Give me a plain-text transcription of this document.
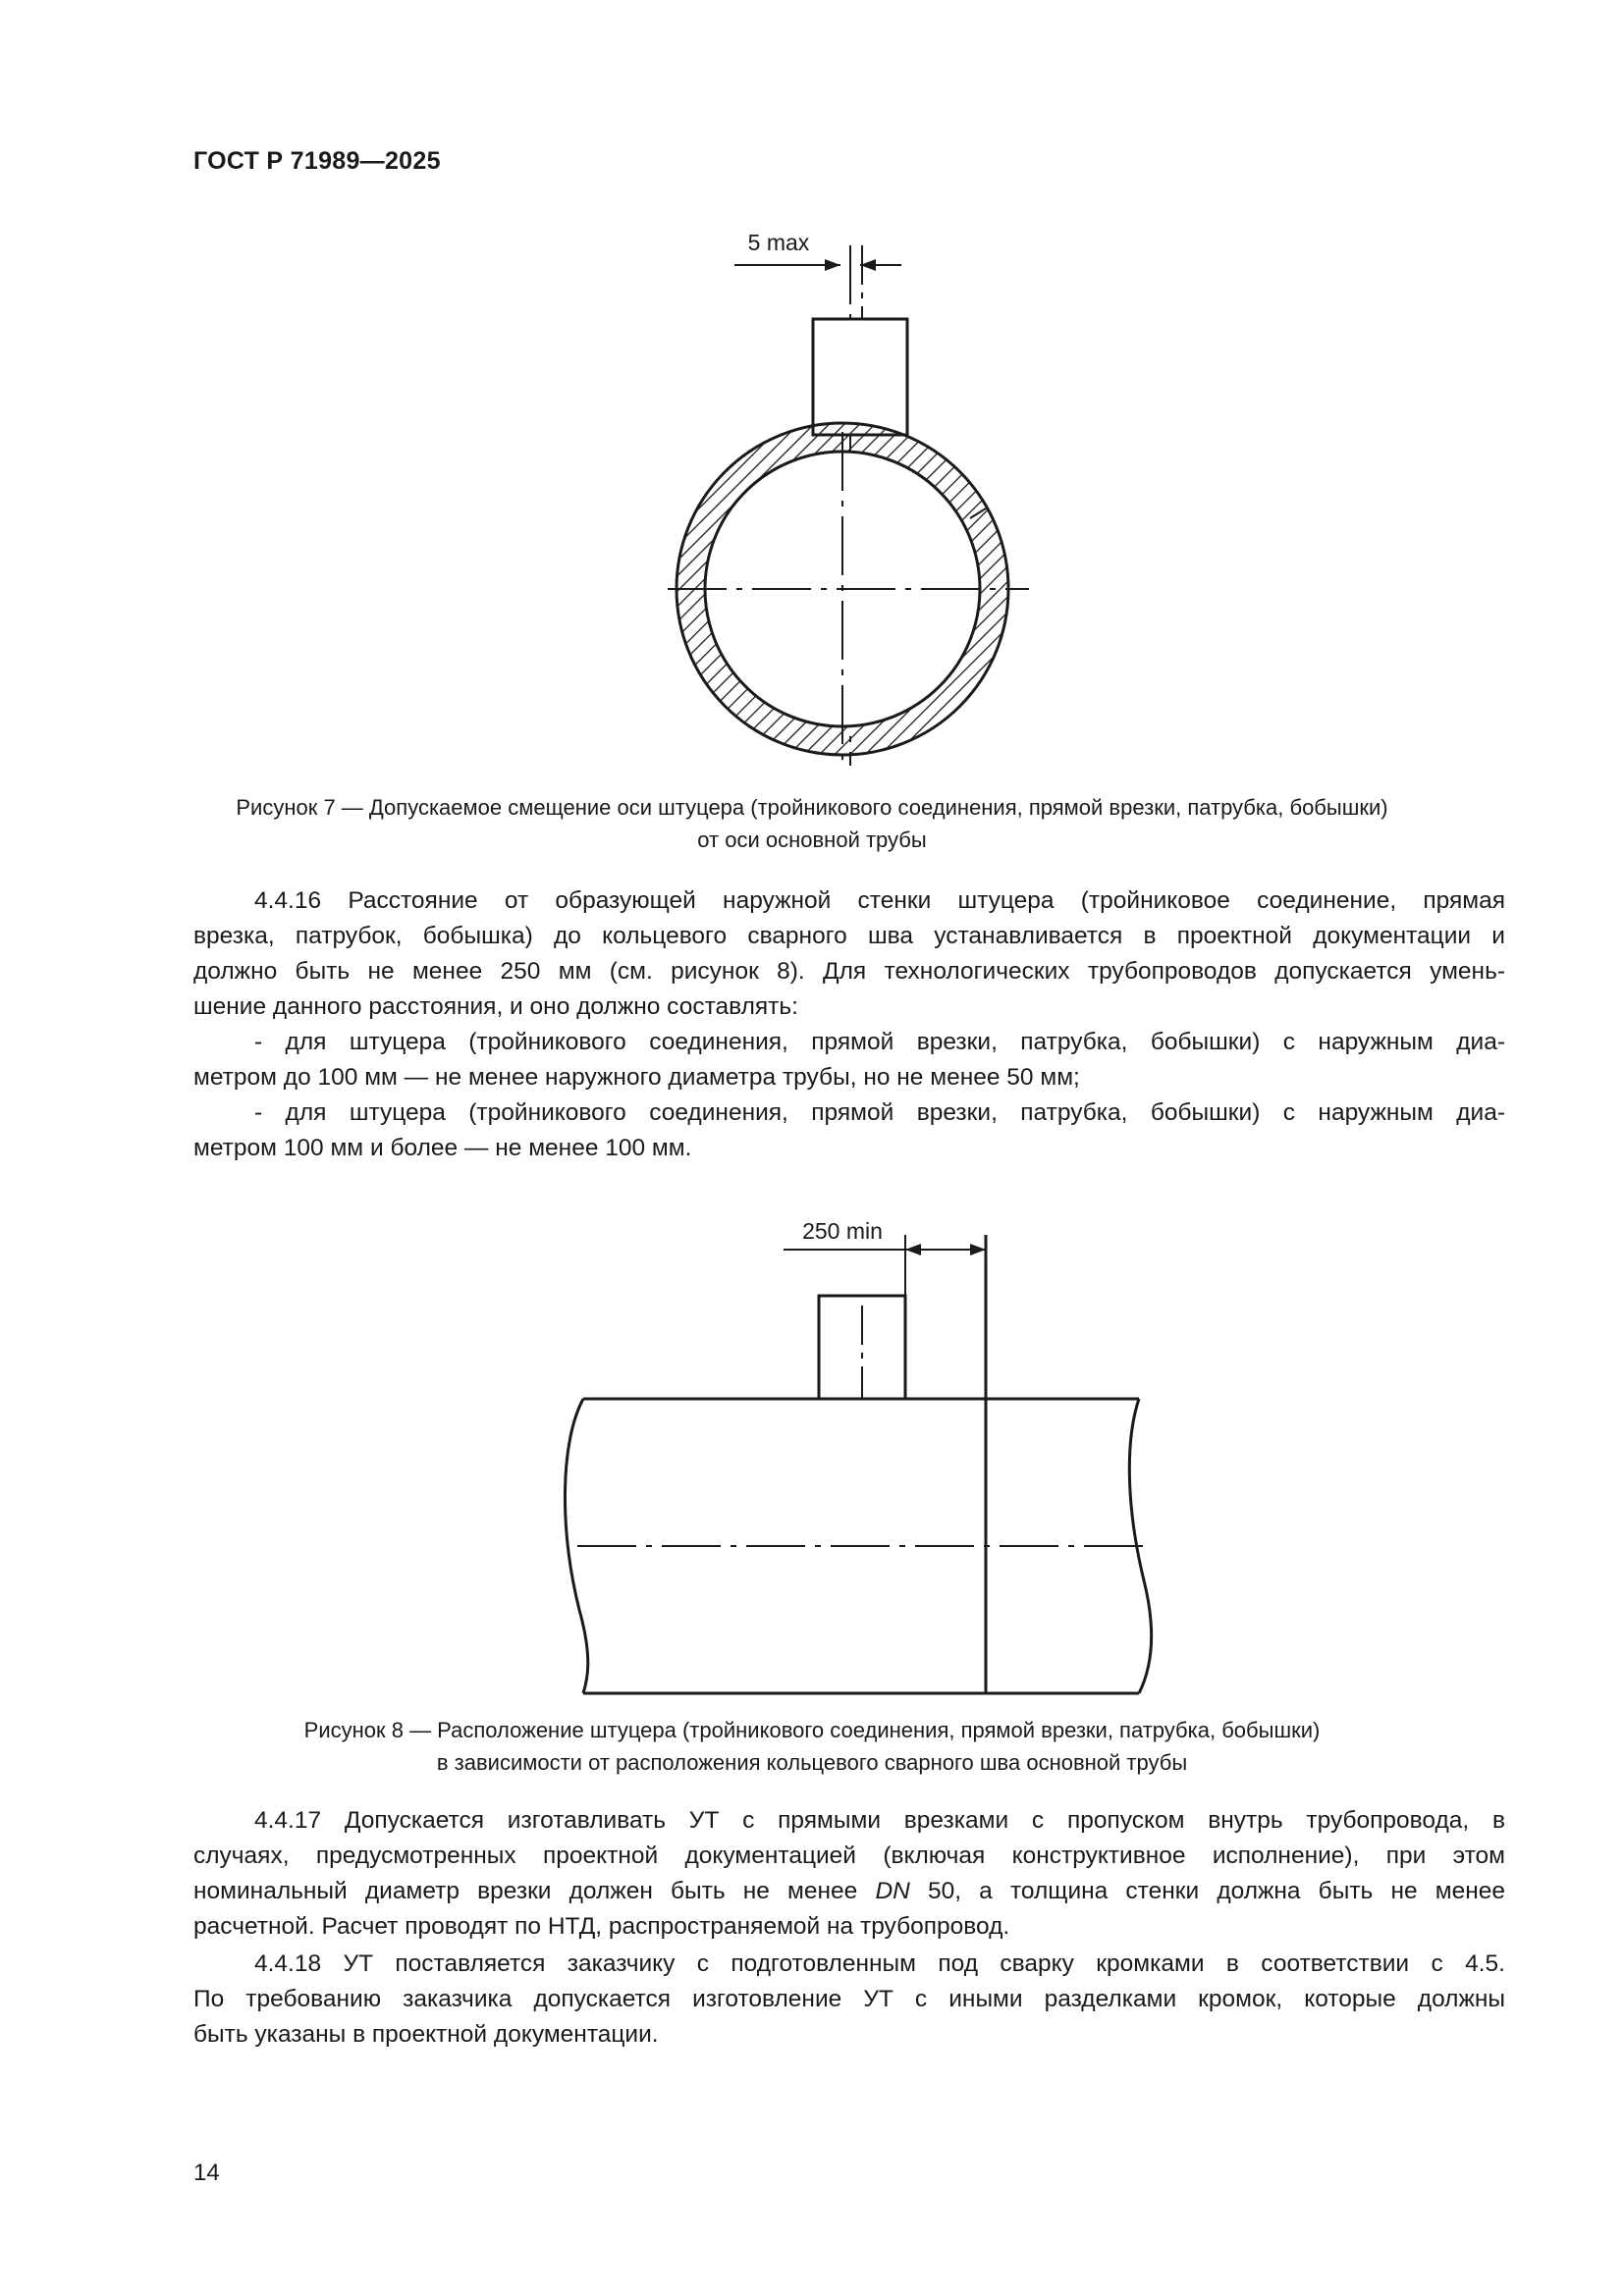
ГОСТ Р 71989—2025
5 max
Рисунок 7 — Допускаемое смещение оси штуцера (тройникового соединения, прямой врезки, патрубка, бобышки)
от оси основной трубы

4.4.16 Расстояние от образующей наружной стенки штуцера (тройниковое соединение, прямая

врезка, патрубок, бобышка) до кольцевого сварного шва устанавливается в проектной документации и
должно быть не менее 250 мм (см. рисунок 8). Для технологических трубопроводов допускается умень-
шение данного расстояния, и оно должно составлять:

- для штуцера (тройникового соединения, прямой врезки, патрубка, бобышки) с наружным диа-

метром до 100 мм — не менее наружного диаметра трубы, но не менее 50 мм;

- для штуцера (тройникового соединения, прямой врезки, патрубка, бобышки) с наружным диа-

метром 100 мм и более — не менее 100 мм.

250 min
Рисунок 8 — Расположение штуцера (тройникового соединения, прямой врезки, патрубка, бобышки)
в зависимости от расположения кольцевого сварного шва основной трубы

4.4.17 Допускается изготавливать УТ с прямыми врезками с пропуском внутрь трубопровода, в

случаях, предусмотренных проектной документацией (включая конструктивное исполнение), при этом
номинальный диаметр врезки должен быть не менее DN 50, а толщина стенки должна быть не менее
расчетной. Расчет проводят по НТД, распространяемой на трубопровод.

4.4.18 УТ поставляется заказчику с подготовленным под сварку кромками в соответствии с 4.5.

По требованию заказчика допускается изготовление УТ с иными разделками кромок, которые должны
быть указаны в проектной документации.

14
